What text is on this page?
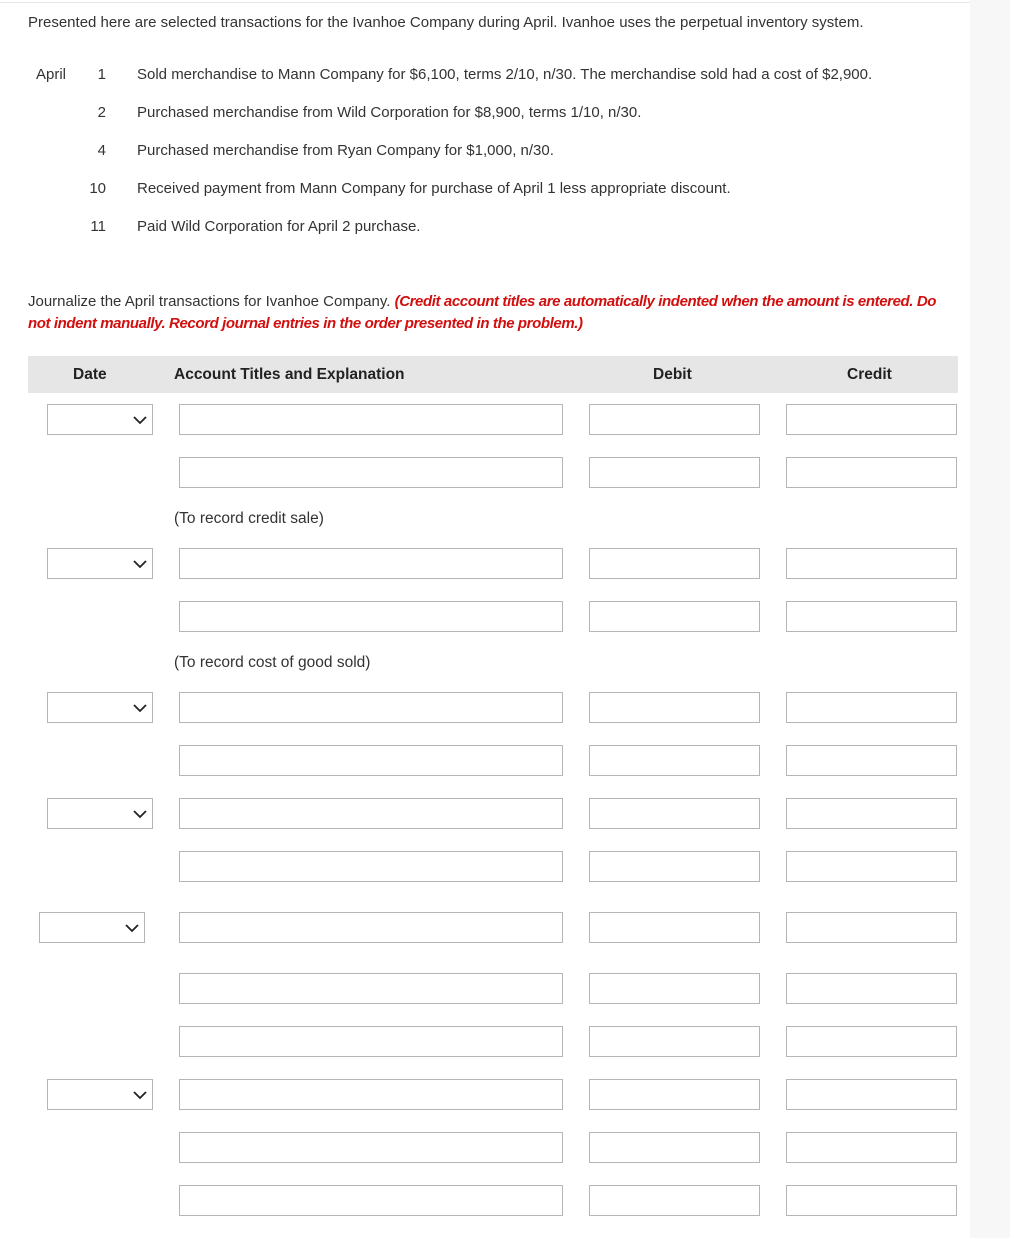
Presented here are selected transactions for the Ivanhoe Company during April. Ivanhoe uses the perpetual inventory system.
April	1 Sold merchandise to Mann Company for $6,100, terms 2/10, n/30. The merchandise sold had a cost of $2,900.
2 Purchased merchandise from Wild Corporation for $8,900, terms 1/10, n/30.
4 Purchased merchandise from Ryan Company for $1,000, n/30.
10 Received payment from Mann Company for purchase of April 1 less appropriate discount.
11 Paid Wild Corporation for April 2 purchase.
Journalize the April transactions for Ivanhoe Company. (Credit account titles are automatically indented when the amount is entered. Do not indent manually. Record journal entries in the order presented in the problem.)
Date	Account Titles and Explanation	Debit	Credit
(To record credit sale)
(To record cost of good sold)
